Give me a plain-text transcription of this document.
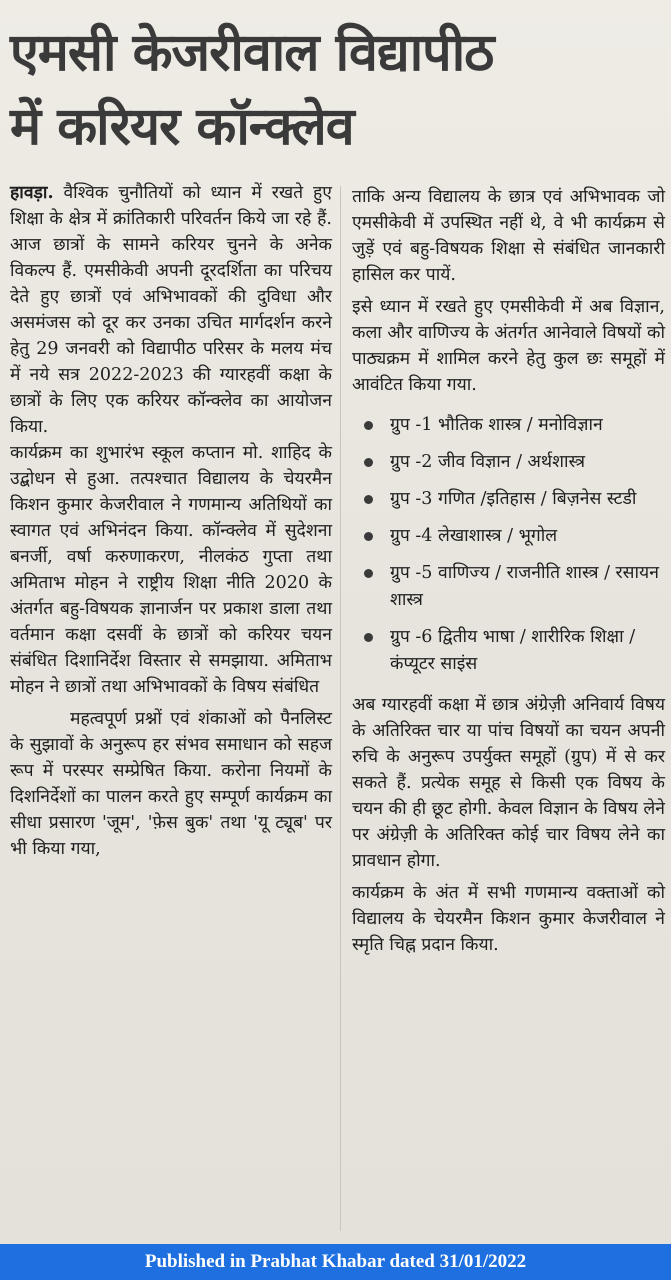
एमसी केजरीवाल विद्यापीठ
में करियर कॉन्क्लेव

हावड़ा. वैश्विक चुनौतियों को ध्यान में रखते हुए शिक्षा के क्षेत्र में क्रांतिकारी परिवर्तन किये जा रहे हैं. आज छात्रों के सामने करियर चुनने के अनेक विकल्प हैं. एमसीकेवी अपनी दूरदर्शिता का परिचय देते हुए छात्रों एवं अभिभावकों की दुविधा और असमंजस को दूर कर उनका उचित मार्गदर्शन करने हेतु 29 जनवरी को विद्यापीठ परिसर के मलय मंच में नये सत्र 2022-2023 की ग्यारहवीं कक्षा के छात्रों के लिए एक करियर कॉन्क्लेव का आयोजन किया.

कार्यक्रम का शुभारंभ स्कूल कप्तान मो. शाहिद के उद्बोधन से हुआ. तत्पश्चात विद्यालय के चेयरमैन किशन कुमार केजरीवाल ने गणमान्य अतिथियों का स्वागत एवं अभिनंदन किया. कॉन्क्लेव में सुदेशना बनर्जी, वर्षा करुणाकरण, नीलकंठ गुप्ता तथा अमिताभ मोहन ने राष्ट्रीय शिक्षा नीति 2020 के अंतर्गत बहु-विषयक ज्ञानार्जन पर प्रकाश डाला तथा वर्तमान कक्षा दसवीं के छात्रों को करियर चयन संबंधित दिशानिर्देश विस्तार से समझाया. अमिताभ मोहन ने छात्रों तथा अभिभावकों के विषय संबंधित

महत्वपूर्ण प्रश्नों एवं शंकाओं को पैनलिस्ट के सुझावों के अनुरूप हर संभव समाधान को सहज रूप में परस्पर सम्प्रेषित किया. करोना नियमों के दिशनिर्देशों का पालन करते हुए सम्पूर्ण कार्यक्रम का सीधा प्रसारण 'जूम', 'फ़ेस बुक' तथा 'यू ट्यूब' पर भी किया गया,

ताकि अन्य विद्यालय के छात्र एवं अभिभावक जो एमसीकेवी में उपस्थित नहीं थे, वे भी कार्यक्रम से जुड़ें एवं बहु-विषयक शिक्षा से संबंधित जानकारी हासिल कर पायें.

इसे ध्यान में रखते हुए एमसीकेवी में अब विज्ञान, कला और वाणिज्य के अंतर्गत आनेवाले विषयों को पाठ्यक्रम में शामिल करने हेतु कुल छः समूहों में आवंटित किया गया.

ग्रुप -1 भौतिक शास्त्र / मनोविज्ञान
ग्रुप -2 जीव विज्ञान / अर्थशास्त्र
ग्रुप -3 गणित /इतिहास / बिज़नेस स्टडी
ग्रुप -4 लेखाशास्त्र / भूगोल
ग्रुप -5 वाणिज्य / राजनीति शास्त्र / रसायन शास्त्र
ग्रुप -6 द्वितीय भाषा / शारीरिक शिक्षा / कंप्यूटर साइंस

अब ग्यारहवीं कक्षा में छात्र अंग्रेज़ी अनिवार्य विषय के अतिरिक्त चार या पांच विषयों का चयन अपनी रुचि के अनुरूप उपर्युक्त समूहों (ग्रुप) में से कर सकते हैं. प्रत्येक समूह से किसी एक विषय के चयन की ही छूट होगी. केवल विज्ञान के विषय लेने पर अंग्रेज़ी के अतिरिक्त कोई चार विषय लेने का प्रावधान होगा.

कार्यक्रम के अंत में सभी गणमान्य वक्ताओं को विद्यालय के चेयरमैन किशन कुमार केजरीवाल ने स्मृति चिह्न प्रदान किया.

Published in Prabhat Khabar dated 31/01/2022
